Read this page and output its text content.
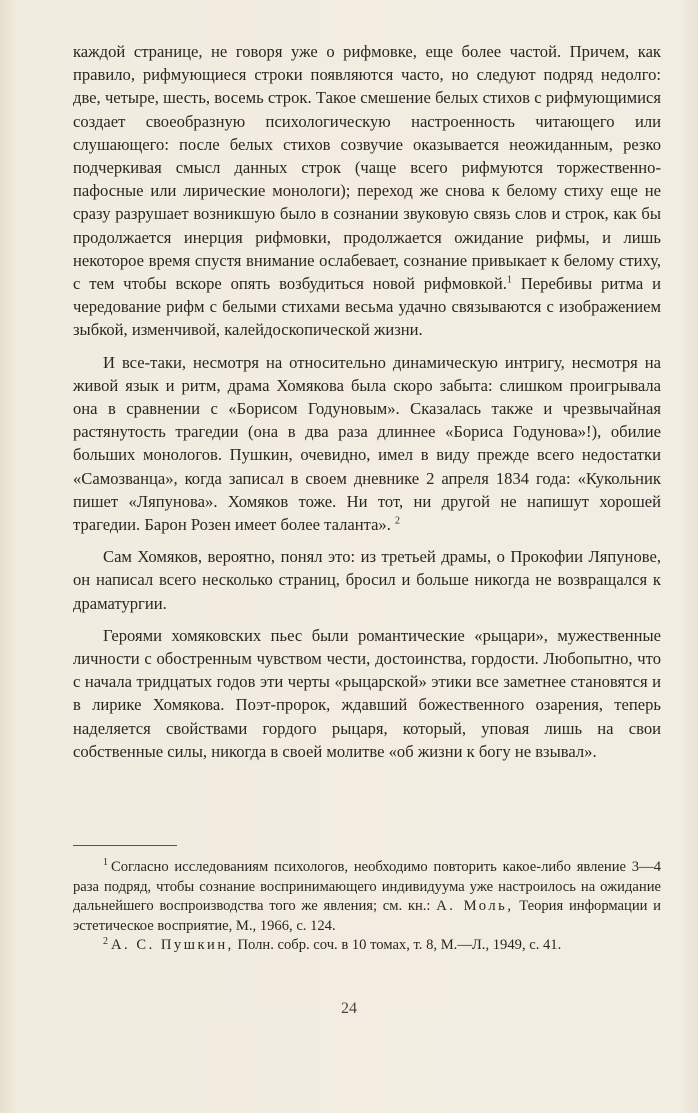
каждой странице, не говоря уже о рифмовке, еще более частой. Причем, как правило, рифмующиеся строки появляются часто, но следуют подряд недолго: две, четыре, шесть, восемь строк. Такое смешение белых стихов с рифмующимися создает своеобразную психологическую настроенность читающего или слушающего: после белых стихов созвучие оказывается неожиданным, резко подчеркивая смысл данных строк (чаще всего рифмуются торжественно-пафосные или лирические монологи); переход же снова к белому стиху еще не сразу разрушает возникшую было в сознании звуковую связь слов и строк, как бы продолжается инерция рифмовки, продолжается ожидание рифмы, и лишь некоторое время спустя внимание ослабевает, сознание привыкает к белому стиху, с тем чтобы вскоре опять возбудиться новой рифмовкой.$^1$ Перебивы ритма и чередование рифм с белыми стихами весьма удачно связываются с изображением зыбкой, изменчивой, калейдоскопической жизни.

И все-таки, несмотря на относительно динамическую интригу, несмотря на живой язык и ритм, драма Хомякова была скоро забыта: слишком проигрывала она в сравнении с «Борисом Годуновым». Сказалась также и чрезвычайная растянутость трагедии (она в два раза длиннее «Бориса Годунова»!), обилие больших монологов. Пушкин, очевидно, имел в виду прежде всего недостатки «Самозванца», когда записал в своем дневнике 2 апреля 1834 года: «Кукольник пишет «Ляпунова». Хомяков тоже. Ни тот, ни другой не напишут хорошей трагедии. Барон Розен имеет более таланта». $^2$

Сам Хомяков, вероятно, понял это: из третьей драмы, о Прокофии Ляпунове, он написал всего несколько страниц, бросил и больше никогда не возвращался к драматургии.

Героями хомяковских пьес были романтические «рыцари», мужественные личности с обостренным чувством чести, достоинства, гордости. Любопытно, что с начала тридцатых годов эти черты «рыцарской» этики все заметнее становятся и в лирике Хомякова. Поэт-пророк, ждавший божественного озарения, теперь наделяется свойствами гордого рыцаря, который, уповая лишь на свои собственные силы, никогда в своей молитве «об жизни к богу не взывал».

$^1$ Согласно исследованиям психологов, необходимо повторить какое-либо явление 3—4 раза подряд, чтобы сознание воспринимающего индивидуума уже настроилось на ожидание дальнейшего воспроизводства того же явления; см. кн.: А. Моль, Теория информации и эстетическое восприятие, М., 1966, с. 124.

$^2$ А. С. Пушкин, Полн. собр. соч. в 10 томах, т. 8, М.—Л., 1949, с. 41.

24
